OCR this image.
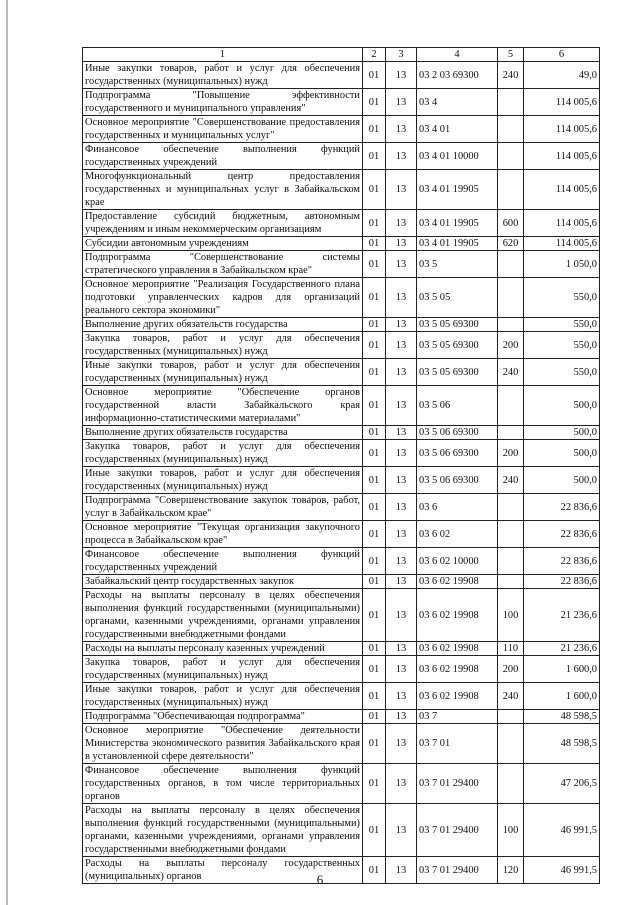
1	2	3	4	5	6
Иные закупки товаров, работ и услуг для обеспечения государственных (муниципальных) нужд	01	13	03 2 03 69300	240	49,0
Подпрограмма "Повышение эффективности государственного и муниципального управления"	01	13	03 4		114 005,6
Основное мероприятие "Совершенствование предоставления государственных и муниципальных услуг"	01	13	03 4 01		114 005,6
Финансовое обеспечение выполнения функций государственных учреждений	01	13	03 4 01 10000		114 005,6
Многофункциональный центр предоставления государственных и муниципальных услуг в Забайкальском крае	01	13	03 4 01 19905		114 005,6
Предоставление субсидий бюджетным, автономным учреждениям и иным некоммерческим организациям	01	13	03 4 01 19905	600	114 005,6
Субсидии автономным учреждениям	01	13	03 4 01 19905	620	114 005,6
Подпрограмма "Совершенствование системы стратегического управления в Забайкальском крае"	01	13	03 5		1 050,0
Основное мероприятие "Реализация Государственного плана подготовки управленческих кадров для организаций реального сектора экономики"	01	13	03 5 05		550,0
Выполнение других обязательств государства	01	13	03 5 05 69300		550,0
Закупка товаров, работ и услуг для обеспечения государственных (муниципальных) нужд	01	13	03 5 05 69300	200	550,0
Иные закупки товаров, работ и услуг для обеспечения государственных (муниципальных) нужд	01	13	03 5 05 69300	240	550,0
Основное мероприятие "Обеспечение органов государственной власти Забайкальского края информационно-статистическими материалами"	01	13	03 5 06		500,0
Выполнение других обязательств государства	01	13	03 5 06 69300		500,0
Закупка товаров, работ и услуг для обеспечения государственных (муниципальных) нужд	01	13	03 5 06 69300	200	500,0
Иные закупки товаров, работ и услуг для обеспечения государственных (муниципальных) нужд	01	13	03 5 06 69300	240	500,0
Подпрограмма "Совершенствование закупок товаров, работ, услуг в Забайкальском крае"	01	13	03 6		22 836,6
Основное мероприятие "Текущая организация закупочного процесса в Забайкальском крае"	01	13	03 6 02		22 836,6
Финансовое обеспечение выполнения функций государственных учреждений	01	13	03 6 02 10000		22 836,6
Забайкальский центр государственных закупок	01	13	03 6 02 19908		22 836,6
Расходы на выплаты персоналу в целях обеспечения выполнения функций государственными (муниципальными) органами, казенными учреждениями, органами управления государственными внебюджетными фондами	01	13	03 6 02 19908	100	21 236,6
Расходы на выплаты персоналу казенных учреждений	01	13	03 6 02 19908	110	21 236,6
Закупка товаров, работ и услуг для обеспечения государственных (муниципальных) нужд	01	13	03 6 02 19908	200	1 600,0
Иные закупки товаров, работ и услуг для обеспечения государственных (муниципальных) нужд	01	13	03 6 02 19908	240	1 600,0
Подпрограмма "Обеспечивающая подпрограмма"	01	13	03 7		48 598,5
Основное мероприятие "Обеспечение деятельности Министерства экономического развития Забайкальского края в установленной сфере деятельности"	01	13	03 7 01		48 598,5
Финансовое обеспечение выполнения функций государственных органов, в том числе территориальных органов	01	13	03 7 01 29400		47 206,5
Расходы на выплаты персоналу в целях обеспечения выполнения функций государственными (муниципальными) органами, казенными учреждениями, органами управления государственными внебюджетными фондами	01	13	03 7 01 29400	100	46 991,5
Расходы на выплаты персоналу государственных (муниципальных) органов	01	13	03 7 01 29400	120	46 991,5
6
